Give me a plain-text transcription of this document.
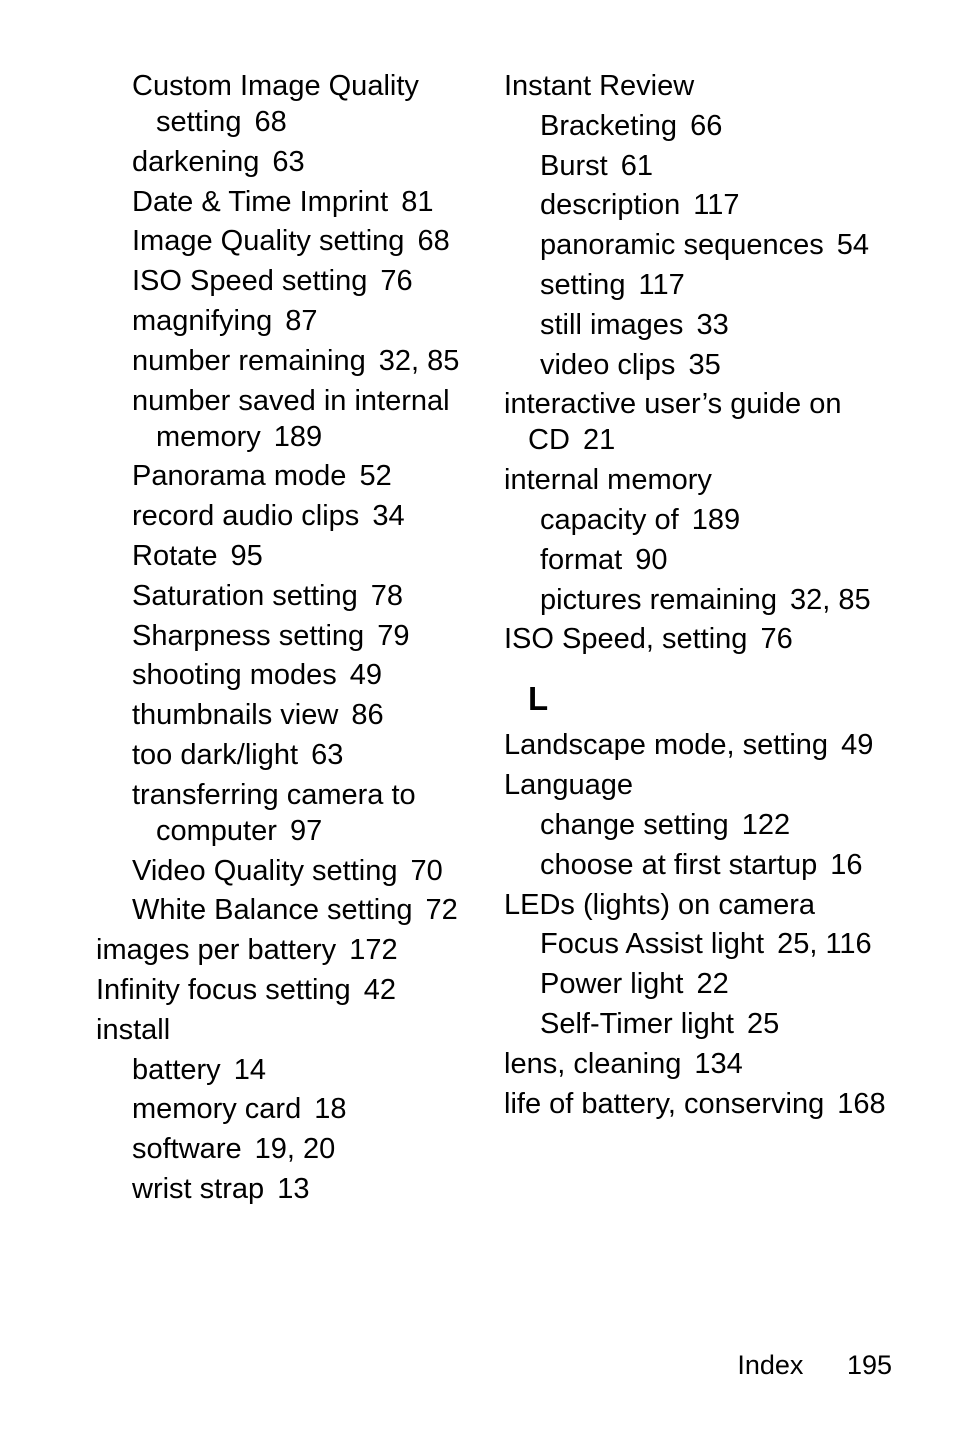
Custom Image Quality setting 68
darkening 63
Date & Time Imprint 81
Image Quality setting 68
ISO Speed setting 76
magnifying 87
number remaining 32, 85
number saved in internal memory 189
Panorama mode 52
record audio clips 34
Rotate 95
Saturation setting 78
Sharpness setting 79
shooting modes 49
thumbnails view 86
too dark/light 63
transferring camera to computer 97
Video Quality setting 70
White Balance setting 72
images per battery 172
Infinity focus setting 42
install
battery 14
memory card 18
software 19, 20
wrist strap 13
Instant Review
Bracketing 66
Burst 61
description 117
panoramic sequences 54
setting 117
still images 33
video clips 35
interactive user’s guide on CD 21
internal memory
capacity of 189
format 90
pictures remaining 32, 85
ISO Speed, setting 76
L
Landscape mode, setting 49
Language
change setting 122
choose at first startup 16
LEDs (lights) on camera
Focus Assist light 25, 116
Power light 22
Self-Timer light 25
lens, cleaning 134
life of battery, conserving 168
Index 195
